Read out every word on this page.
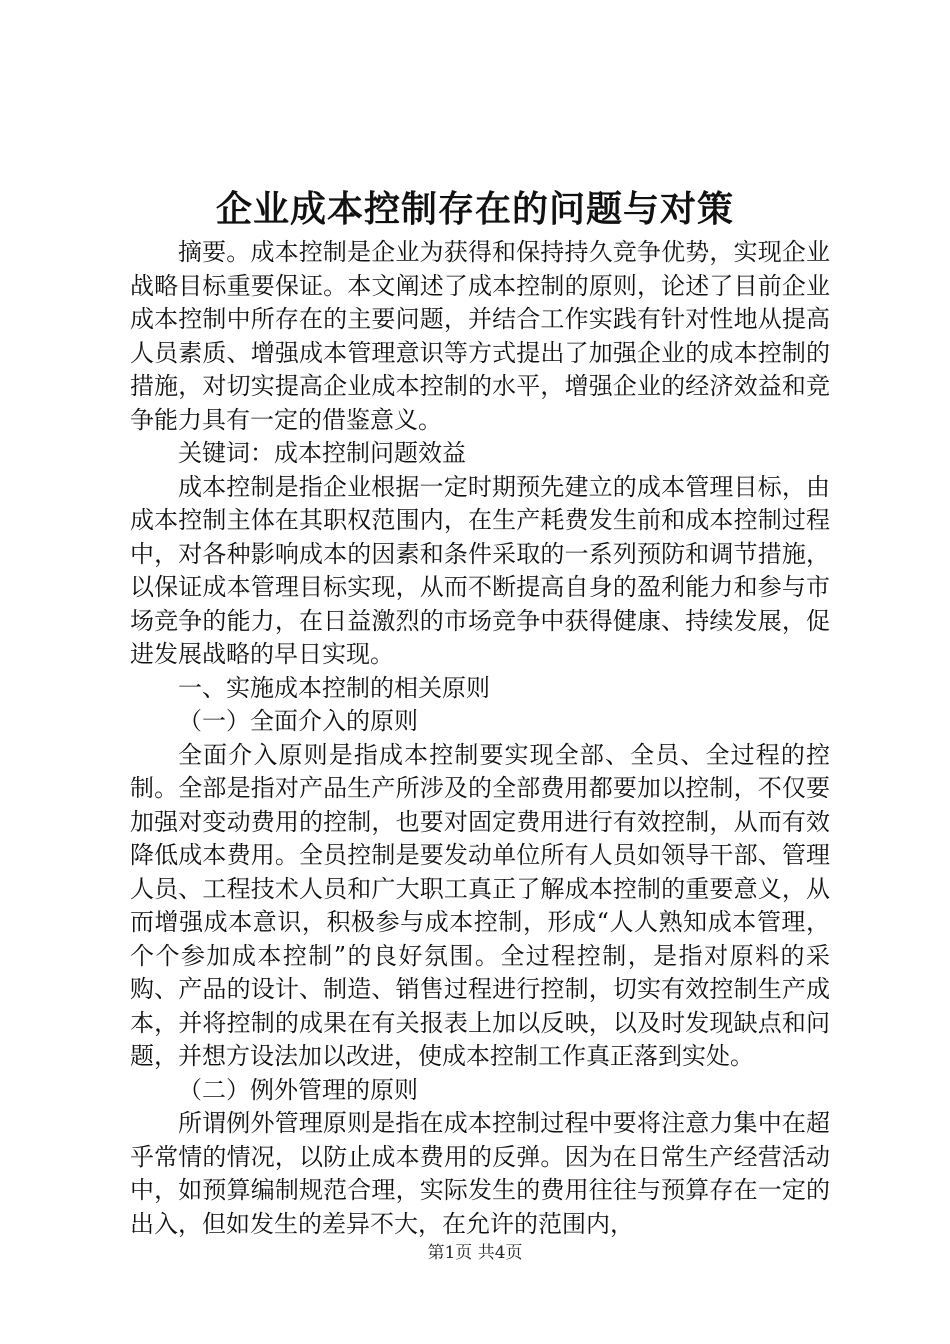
企业成本控制存在的问题与对策

摘要。成本控制是企业为获得和保持持久竞争优势，实现企业战略目标重要保证。本文阐述了成本控制的原则，论述了目前企业成本控制中所存在的主要问题，并结合工作实践有针对性地从提高人员素质、增强成本管理意识等方式提出了加强企业的成本控制的措施，对切实提高企业成本控制的水平，增强企业的经济效益和竞争能力具有一定的借鉴意义。

关键词：成本控制问题效益

成本控制是指企业根据一定时期预先建立的成本管理目标，由成本控制主体在其职权范围内，在生产耗费发生前和成本控制过程中，对各种影响成本的因素和条件采取的一系列预防和调节措施，以保证成本管理目标实现，从而不断提高自身的盈利能力和参与市场竞争的能力，在日益激烈的市场竞争中获得健康、持续发展，促进发展战略的早日实现。

一、实施成本控制的相关原则

（一）全面介入的原则

全面介入原则是指成本控制要实现全部、全员、全过程的控制。全部是指对产品生产所涉及的全部费用都要加以控制，不仅要加强对变动费用的控制，也要对固定费用进行有效控制，从而有效降低成本费用。全员控制是要发动单位所有人员如领导干部、管理人员、工程技术人员和广大职工真正了解成本控制的重要意义，从而增强成本意识，积极参与成本控制，形成“人人熟知成本管理，个个参加成本控制”的良好氛围。全过程控制，是指对原料的采购、产品的设计、制造、销售过程进行控制，切实有效控制生产成本，并将控制的成果在有关报表上加以反映，以及时发现缺点和问题，并想方设法加以改进，使成本控制工作真正落到实处。

（二）例外管理的原则

所谓例外管理原则是指在成本控制过程中要将注意力集中在超乎常情的情况，以防止成本费用的反弹。因为在日常生产经营活动中，如预算编制规范合理，实际发生的费用往往与预算存在一定的出入，但如发生的差异不大，在允许的范围内，

第1页 共4页
